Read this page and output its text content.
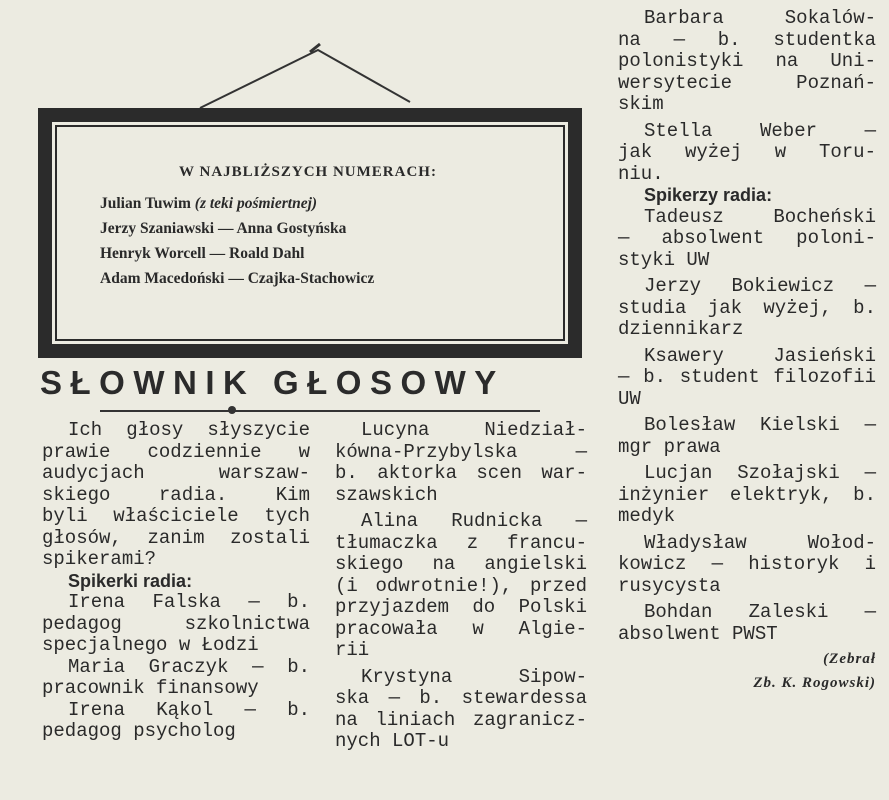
W NAJBLIŻSZYCH NUMERACH:
Julian Tuwim (z teki pośmiertnej)
Jerzy Szaniawski — Anna Gostyńska
Henryk Worcell — Roald Dahl
Adam Macedoński — Czajka-Stachowicz
SŁOWNIK GŁOSOWY
Ich głosy słyszycie
prawie codziennie w
audycjach warszaw-
skiego radia. Kim
byli właściciele tych
głosów, zanim zostali
spikerami?
Spikerki radia:
Irena Falska — b.
pedagog szkolnictwa
specjalnego w Łodzi
Maria Graczyk — b.
pracownik finansowy
Irena Kąkol — b.
pedagog psycholog
Lucyna Niedział-
kówna-Przybylska —
b. aktorka scen war-
szawskich
Alina Rudnicka —
tłumaczka z francu-
skiego na angielski
(i odwrotnie!), przed
przyjazdem do Polski
pracowała w Algie-
rii
Krystyna Sipow-
ska — b. stewardessa
na liniach zagranicz-
nych LOT-u
Barbara Sokalów-
na — b. studentka
polonistyki na Uni-
wersytecie Poznań-
skim
Stella Weber —
jak wyżej w Toru-
niu.
Spikerzy radia:
Tadeusz Bocheński
— absolwent poloni-
styki UW
Jerzy Bokiewicz —
studia jak wyżej, b.
dziennikarz
Ksawery Jasieński
— b. student filozofii
UW
Bolesław Kielski —
mgr prawa
Lucjan Szołajski —
inżynier elektryk, b.
medyk
Władysław Wołod-
kowicz — historyk i
rusycysta
Bohdan Zaleski —
absolwent PWST
(Zebrał
Zb. K. Rogowski)
